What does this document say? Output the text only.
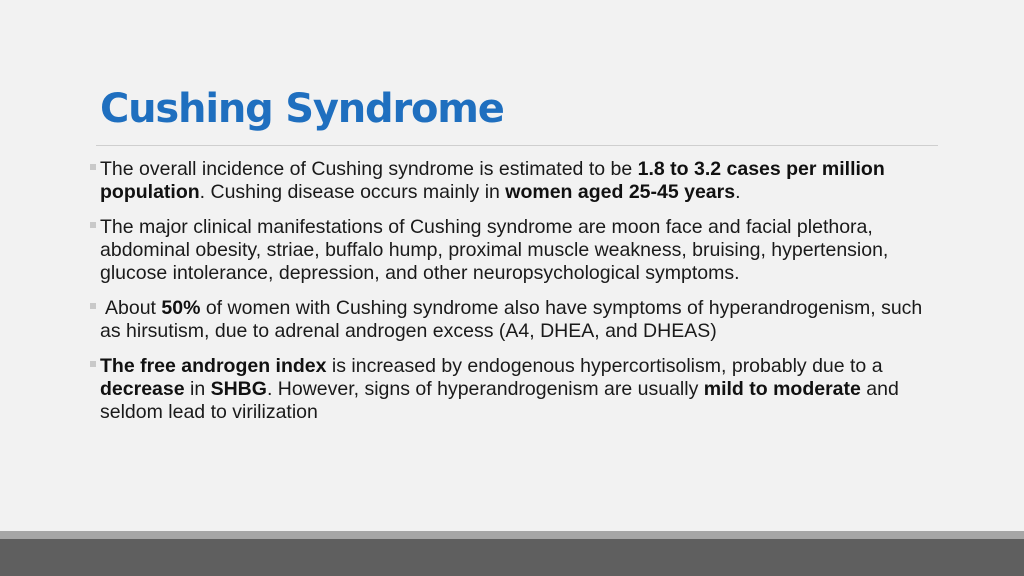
Cushing Syndrome

The overall incidence of Cushing syndrome is estimated to be 1.8 to 3.2 cases per million population. Cushing disease occurs mainly in women aged 25-45 years.

The major clinical manifestations of Cushing syndrome are moon face and facial plethora, abdominal obesity, striae, buffalo hump, proximal muscle weakness, bruising, hypertension, glucose intolerance, depression, and other neuropsychological symptoms.

About 50% of women with Cushing syndrome also have symptoms of hyperandrogenism, such as hirsutism, due to adrenal androgen excess (A4, DHEA, and DHEAS)

The free androgen index is increased by endogenous hypercortisolism, probably due to a decrease in SHBG. However, signs of hyperandrogenism are usually mild to moderate and seldom lead to virilization
